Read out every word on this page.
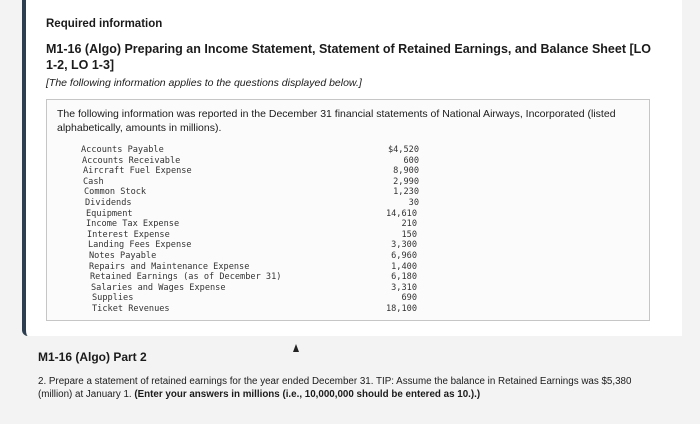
Required information

M1-16 (Algo) Preparing an Income Statement, Statement of Retained Earnings, and Balance Sheet [LO 1-2, LO 1-3]

[The following information applies to the questions displayed below.]

The following information was reported in the December 31 financial statements of National Airways, Incorporated (listed alphabetically, amounts in millions).

Accounts Payable	$4,520
Accounts Receivable	600
Aircraft Fuel Expense	8,900
Cash	2,990
Common Stock	1,230
Dividends	30
Equipment	14,610
Income Tax Expense	210
Interest Expense	150
Landing Fees Expense	3,300
Notes Payable	6,960
Repairs and Maintenance Expense	1,400
Retained Earnings (as of December 31)	6,180
Salaries and Wages Expense	3,310
Supplies	690
Ticket Revenues	18,100

M1-16 (Algo) Part 2

2. Prepare a statement of retained earnings for the year ended December 31. TIP: Assume the balance in Retained Earnings was $5,380 (million) at January 1. (Enter your answers in millions (i.e., 10,000,000 should be entered as 10.).)
